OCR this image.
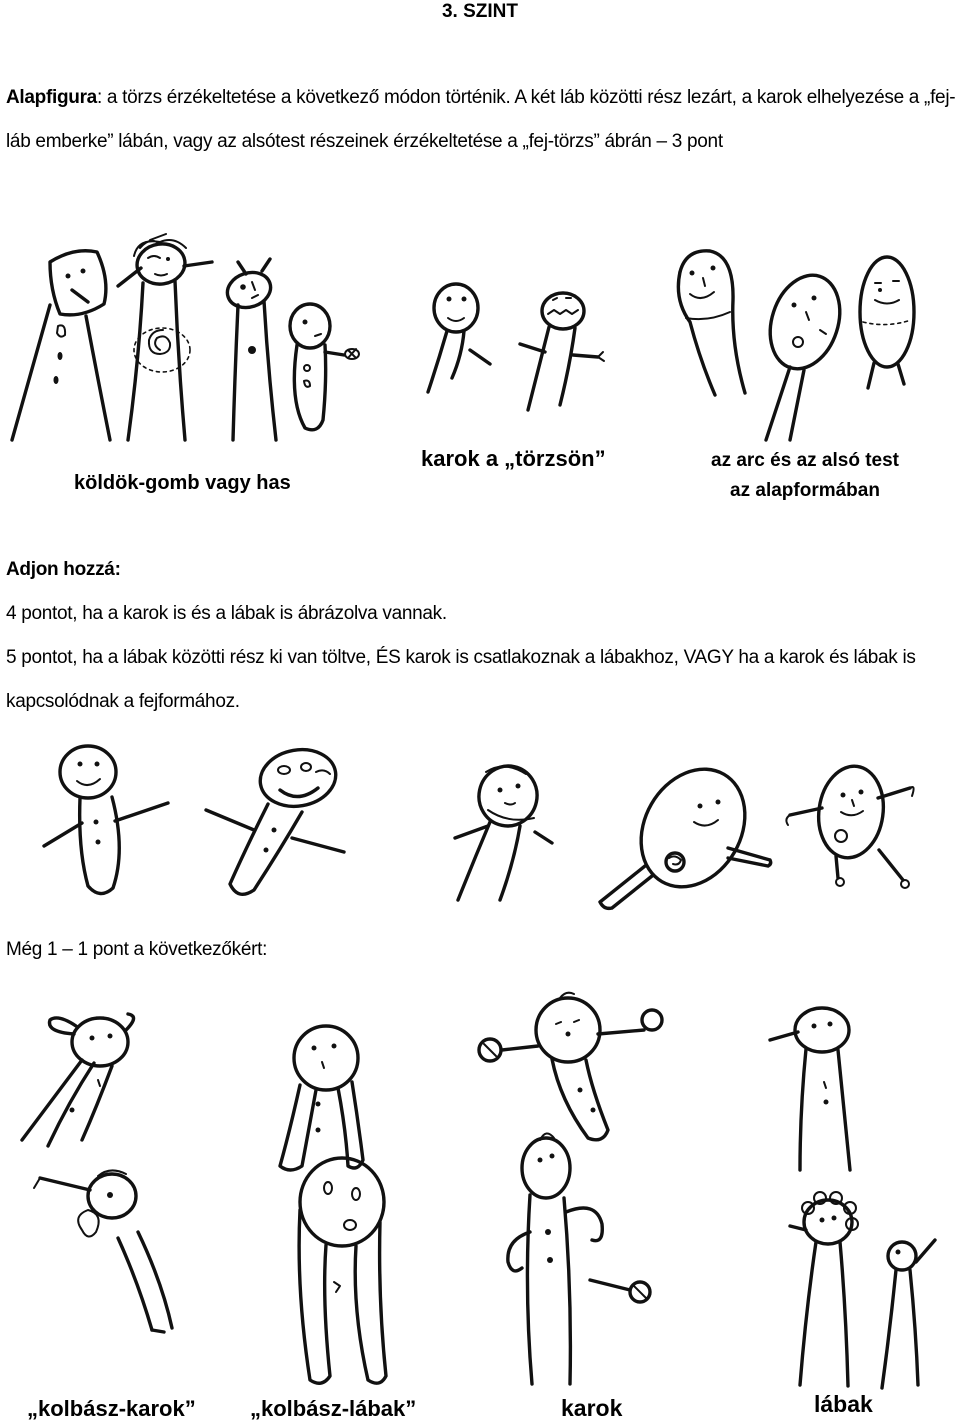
3. SZINT
Alapfigura: a törzs érzékeltetése a következő módon történik. A két láb közötti rész lezárt, a karok elhelyezése a „fej-láb emberke” lábán, vagy az alsótest részeinek érzékeltetése a „fej-törzs” ábrán – 3 pont
köldök-gomb vagy has
karok a „törzsön”	az arc és az alsó test
az alapformában
Adjon hozzá:
4 pontot, ha a karok is és a lábak is ábrázolva vannak.
5 pontot, ha a lábak közötti rész ki van töltve, ÉS karok is csatlakoznak a lábakhoz, VAGY ha a karok és lábak is kapcsolódnak a fejformához.
Még 1 – 1 pont a következőkért:
„kolbász-karok” „kolbász-lábak”	karok	lábak
